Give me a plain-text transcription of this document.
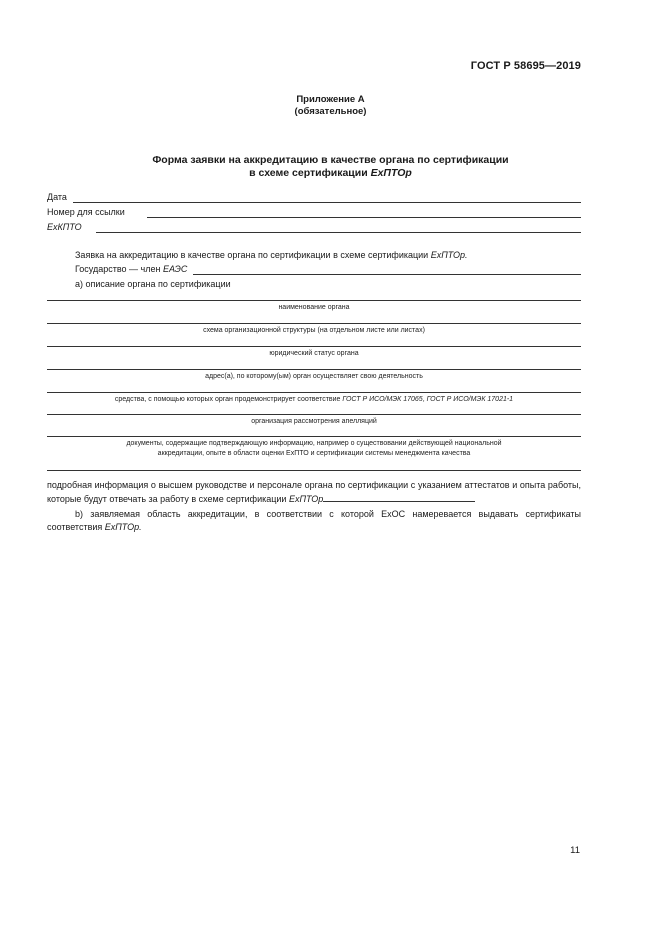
ГОСТ Р 58695—2019
Приложение А
(обязательное)
Форма заявки на аккредитацию в качестве органа по сертификации
в схеме сертификации ExПТОр
Дата
Номер для ссылки
ExКПТО
Заявка на аккредитацию в качестве органа по сертификации в схеме сертификации ExПТОр.
Государство — член ЕАЭС
а) описание органа по сертификации
наименование органа
схема организационной структуры (на отдельном листе или листах)
юридический статус органа
адрес(а), по которому(ым) орган осуществляет свою деятельность
средства, с помощью которых орган продемонстрирует соответствие ГОСТ Р ИСО/МЭК 17065, ГОСТ Р ИСО/МЭК 17021-1
организация рассмотрения апелляций
документы, содержащие подтверждающую информацию, например о существовании действующей национальной
аккредитации, опыте в области оценки ExПТО и сертификации системы менеджмента качества
подробная информация о высшем руководстве и персонале органа по сертификации с указанием аттестатов и опыта работы, которые будут отвечать за работу в схеме сертификации ExПТОр
b) заявляемая область аккредитации, в соответствии с которой ExОС намеревается выдавать сертификаты соответствия ExПТОр.
11
